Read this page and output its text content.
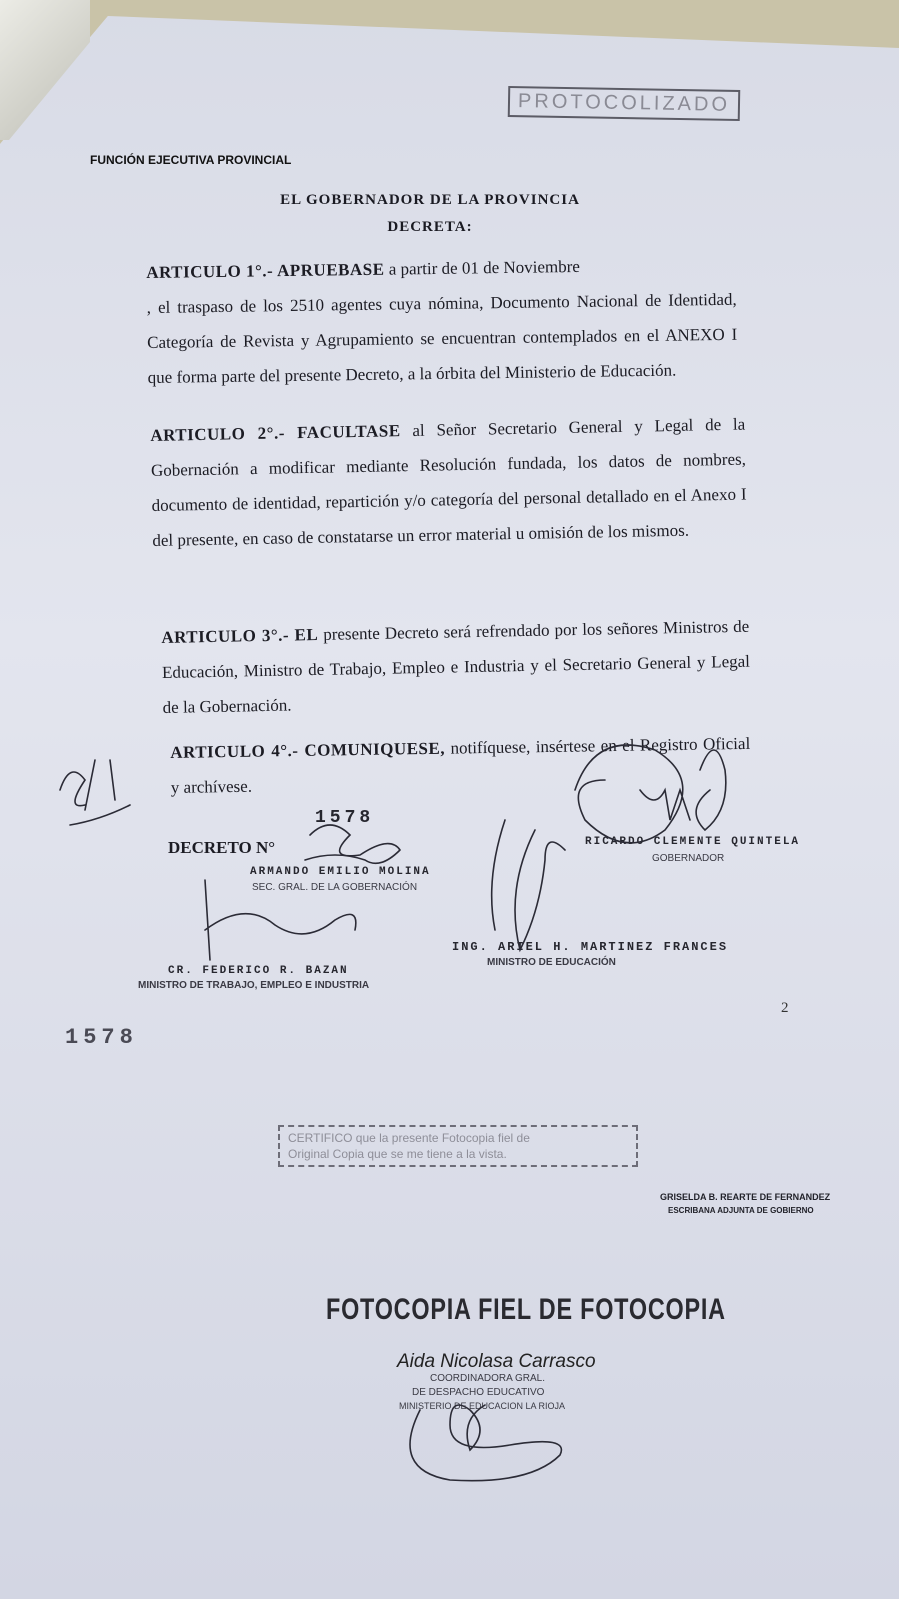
PROTOCOLIZADO
FUNCIÓN EJECUTIVA PROVINCIAL
EL GOBERNADOR DE LA PROVINCIA
DECRETA:
ARTICULO 1°.- APRUEBASE a partir de 01 de Noviembre
, el traspaso de los 2510 agentes cuya nómina, Documento Nacional de Identidad, Categoría de Revista y Agrupamiento se encuentran contemplados en el ANEXO I que forma parte del presente Decreto, a la órbita del Ministerio de Educación.
ARTICULO 2°.- FACULTASE al Señor Secretario General y Legal de la Gobernación a modificar mediante Resolución fundada, los datos de nombres, documento de identidad, repartición y/o categoría del personal detallado en el Anexo I del presente, en caso de constatarse un error material u omisión de los mismos.
ARTICULO 3°.- EL presente Decreto será refrendado por los señores Ministros de Educación, Ministro de Trabajo, Empleo e Industria y el Secretario General y Legal de la Gobernación.
ARTICULO 4°.- COMUNIQUESE, notifíquese, insértese en el Registro Oficial y archívese.
DECRETO N°
1578
ARMANDO EMILIO MOLINA
SEC. GRAL. DE LA GOBERNACIÓN
RICARDO CLEMENTE QUINTELA
GOBERNADOR
ING. ARIEL H. MARTINEZ FRANCES
MINISTRO DE EDUCACIÓN
CR. FEDERICO R. BAZAN
MINISTRO DE TRABAJO, EMPLEO E INDUSTRIA
2
1578
CERTIFICO que la presente Fotocopia fiel de
Original Copia que se me tiene a la vista.
GRISELDA B. REARTE DE FERNANDEZ
ESCRIBANA ADJUNTA DE GOBIERNO
FOTOCOPIA FIEL DE FOTOCOPIA
Aida Nicolasa Carrasco
COORDINADORA GRAL.
DE DESPACHO EDUCATIVO
MINISTERIO DE EDUCACION LA RIOJA
